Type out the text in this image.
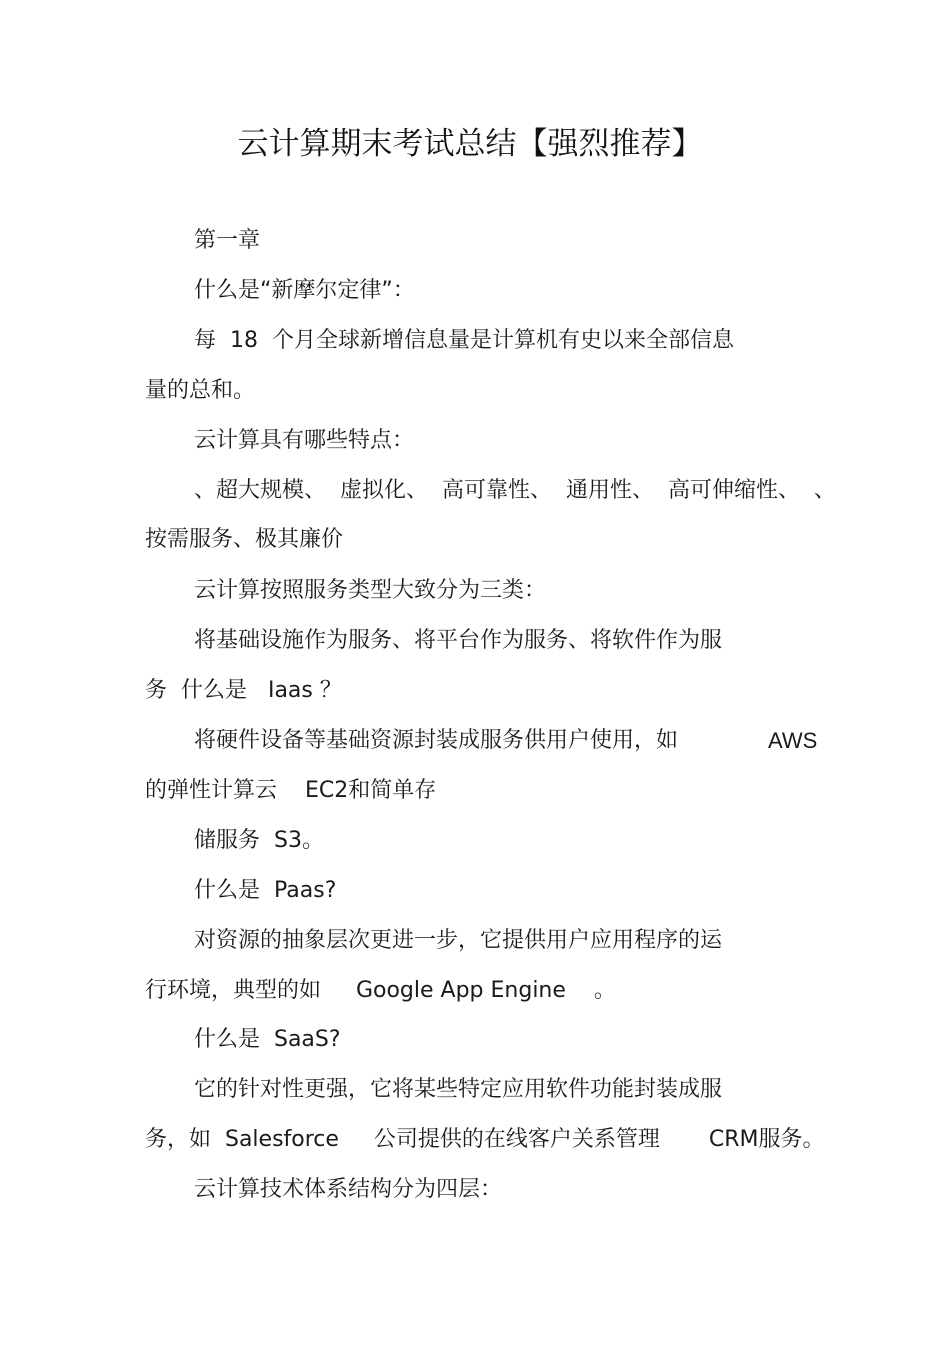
云计算期末考试总结【强烈推荐】
第一章
什么是“新摩尔定律”：
每  18  个月全球新增信息量是计算机有史以来全部信息
量的总和。
云计算具有哪些特点：
、超大规模、  虚拟化、  高可靠性、  通用性、  高可伸缩性、  、
按需服务、极其廉价
云计算按照服务类型大致分为三类：
将基础设施作为服务、将平台作为服务、将软件作为服
务  什么是   Iaas ？
将硬件设备等基础资源封装成服务供用户使用，如	AWS
的弹性计算云    EC2和简单存
储服务  S3。
什么是  Paas?
对资源的抽象层次更进一步，它提供用户应用程序的运
行环境，典型的如     Google App Engine    。
什么是  SaaS?
它的针对性更强，它将某些特定应用软件功能封装成服
务，如  Salesforce     公司提供的在线客户关系管理       CRM服务。
云计算技术体系结构分为四层：
